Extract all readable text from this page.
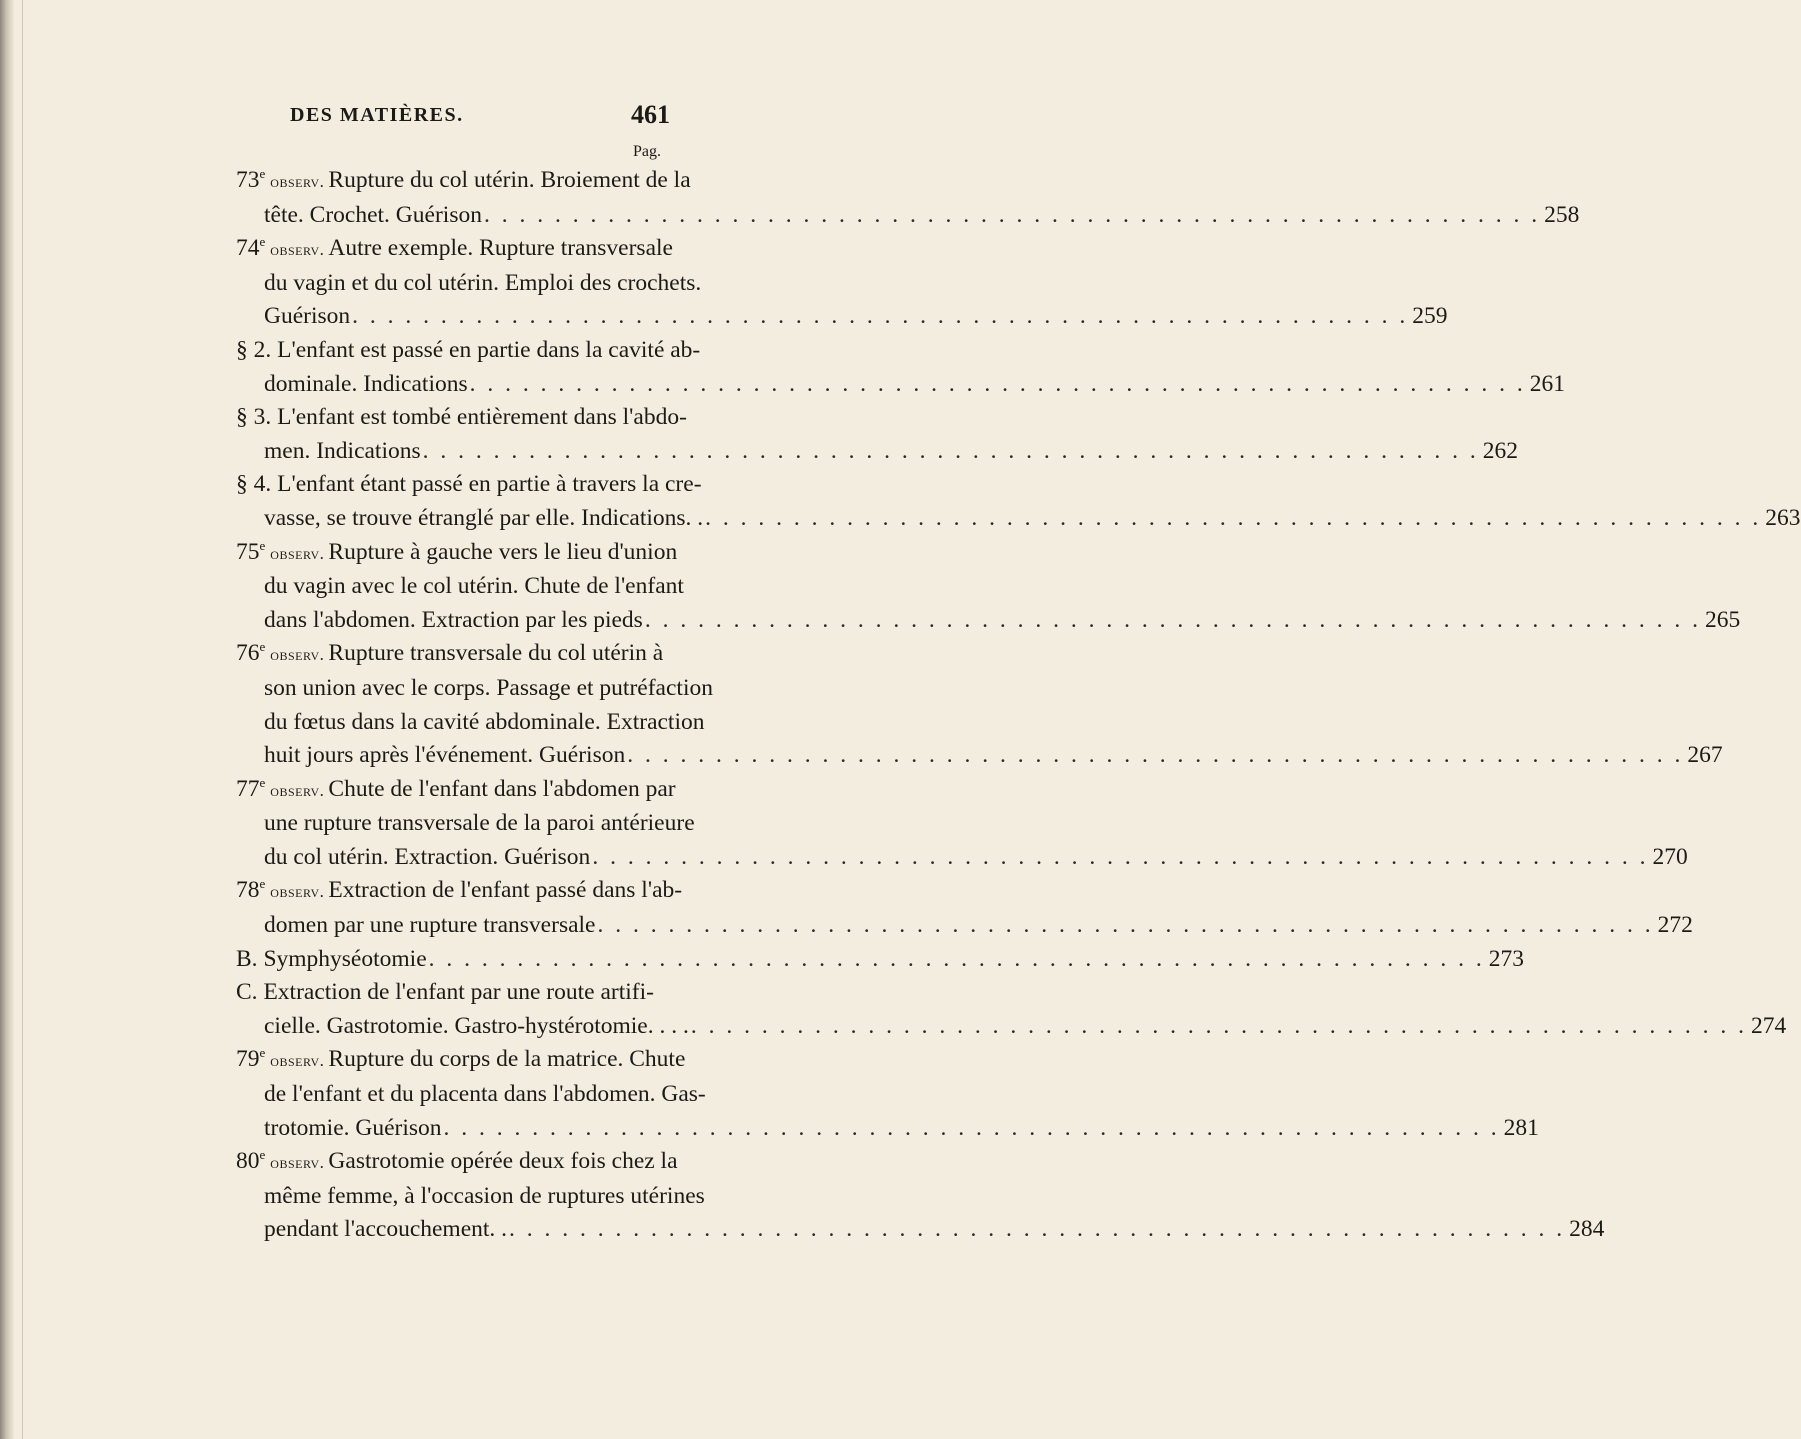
DES MATIÈRES.	461
Pag.
73e observ. Rupture du col utérin. Broiement de la
tête. Crochet. Guérison . . . . . . . . . . . . . . . . . . . . . . . . . . . . . . . . . . . . . . . . . . . . . . . . . . . . . . . . . . . . 258
74e observ. Autre exemple. Rupture transversale
du vagin et du col utérin. Emploi des crochets.
Guérison . . . . . . . . . . . . . . . . . . . . . . . . . . . . . . . . . . . . . . . . . . . . . . . . . . . . . . . . . . . . 259
§ 2. L'enfant est passé en partie dans la cavité ab-
dominale. Indications . . . . . . . . . . . . . . . . . . . . . . . . . . . . . . . . . . . . . . . . . . . . . . . . . . . . . . . . . . . . 261
§ 3. L'enfant est tombé entièrement dans l'abdo-
men. Indications . . . . . . . . . . . . . . . . . . . . . . . . . . . . . . . . . . . . . . . . . . . . . . . . . . . . . . . . . . . . 262
§ 4. L'enfant étant passé en partie à travers la cre-
vasse, se trouve étranglé par elle. Indications. . . . . . . . . . . . . . . . . . . . . . . . . . . . . . . . . . . . . . . . . . . . . . . . . . . . . . . . . . . . . . 263
75e observ. Rupture à gauche vers le lieu d'union
du vagin avec le col utérin. Chute de l'enfant
dans l'abdomen. Extraction par les pieds . . . . . . . . . . . . . . . . . . . . . . . . . . . . . . . . . . . . . . . . . . . . . . . . . . . . . . . . . . . . 265
76e observ. Rupture transversale du col utérin à
son union avec le corps. Passage et putréfaction
du fœtus dans la cavité abdominale. Extraction
huit jours après l'événement. Guérison . . . . . . . . . . . . . . . . . . . . . . . . . . . . . . . . . . . . . . . . . . . . . . . . . . . . . . . . . . . . 267
77e observ. Chute de l'enfant dans l'abdomen par
une rupture transversale de la paroi antérieure
du col utérin. Extraction. Guérison . . . . . . . . . . . . . . . . . . . . . . . . . . . . . . . . . . . . . . . . . . . . . . . . . . . . . . . . . . . . 270
78e observ. Extraction de l'enfant passé dans l'ab-
domen par une rupture transversale . . . . . . . . . . . . . . . . . . . . . . . . . . . . . . . . . . . . . . . . . . . . . . . . . . . . . . . . . . . . 272
B. Symphyséotomie . . . . . . . . . . . . . . . . . . . . . . . . . . . . . . . . . . . . . . . . . . . . . . . . . . . . . . . . . . . . 273
C. Extraction de l'enfant par une route artifi-
cielle. Gastrotomie. Gastro-hystérotomie. . . . . . . . . . . . . . . . . . . . . . . . . . . . . . . . . . . . . . . . . . . . . . . . . . . . . . . . . . . . . . . . 274
79e observ. Rupture du corps de la matrice. Chute
de l'enfant et du placenta dans l'abdomen. Gas-
trotomie. Guérison . . . . . . . . . . . . . . . . . . . . . . . . . . . . . . . . . . . . . . . . . . . . . . . . . . . . . . . . . . . . 281
80e observ. Gastrotomie opérée deux fois chez la
même femme, à l'occasion de ruptures utérines
pendant l'accouchement. . . . . . . . . . . . . . . . . . . . . . . . . . . . . . . . . . . . . . . . . . . . . . . . . . . . . . . . . . . . . . 284
